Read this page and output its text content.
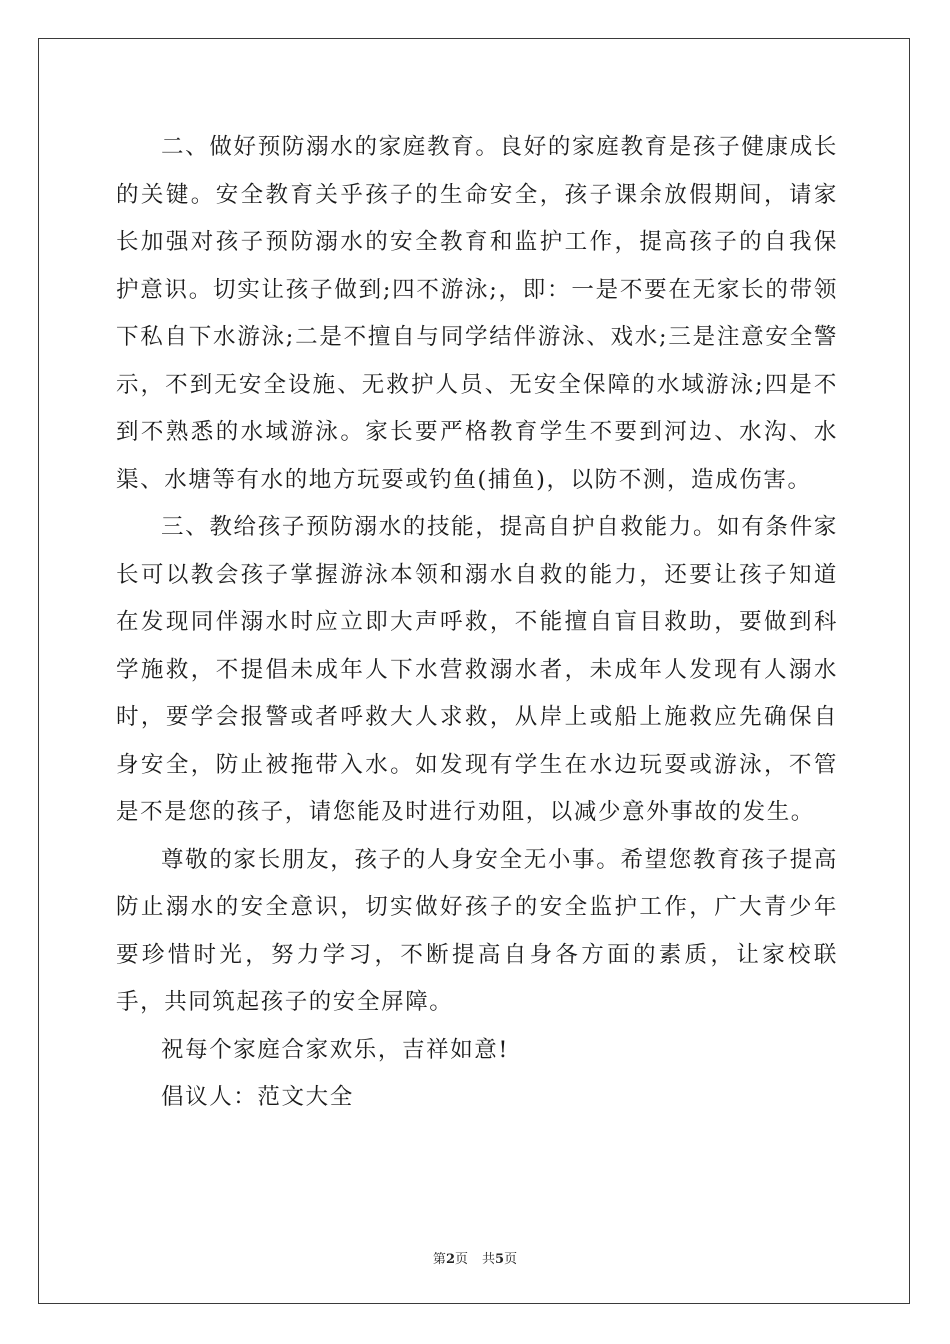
二、做好预防溺水的家庭教育。良好的家庭教育是孩子健康成长的关键。安全教育关乎孩子的生命安全，孩子课余放假期间，请家长加强对孩子预防溺水的安全教育和监护工作，提高孩子的自我保护意识。切实让孩子做到;四不游泳;，即：一是不要在无家长的带领下私自下水游泳;二是不擅自与同学结伴游泳、戏水;三是注意安全警示，不到无安全设施、无救护人员、无安全保障的水域游泳;四是不到不熟悉的水域游泳。家长要严格教育学生不要到河边、水沟、水渠、水塘等有水的地方玩耍或钓鱼(捕鱼)，以防不测，造成伤害。

三、教给孩子预防溺水的技能，提高自护自救能力。如有条件家长可以教会孩子掌握游泳本领和溺水自救的能力，还要让孩子知道在发现同伴溺水时应立即大声呼救，不能擅自盲目救助，要做到科学施救，不提倡未成年人下水营救溺水者，未成年人发现有人溺水时，要学会报警或者呼救大人求救，从岸上或船上施救应先确保自身安全，防止被拖带入水。如发现有学生在水边玩耍或游泳，不管是不是您的孩子，请您能及时进行劝阻，以减少意外事故的发生。

尊敬的家长朋友，孩子的人身安全无小事。希望您教育孩子提高防止溺水的安全意识，切实做好孩子的安全监护工作，广大青少年要珍惜时光，努力学习，不断提高自身各方面的素质，让家校联手，共同筑起孩子的安全屏障。

祝每个家庭合家欢乐，吉祥如意!

倡议人：范文大全

第2页 共5页
